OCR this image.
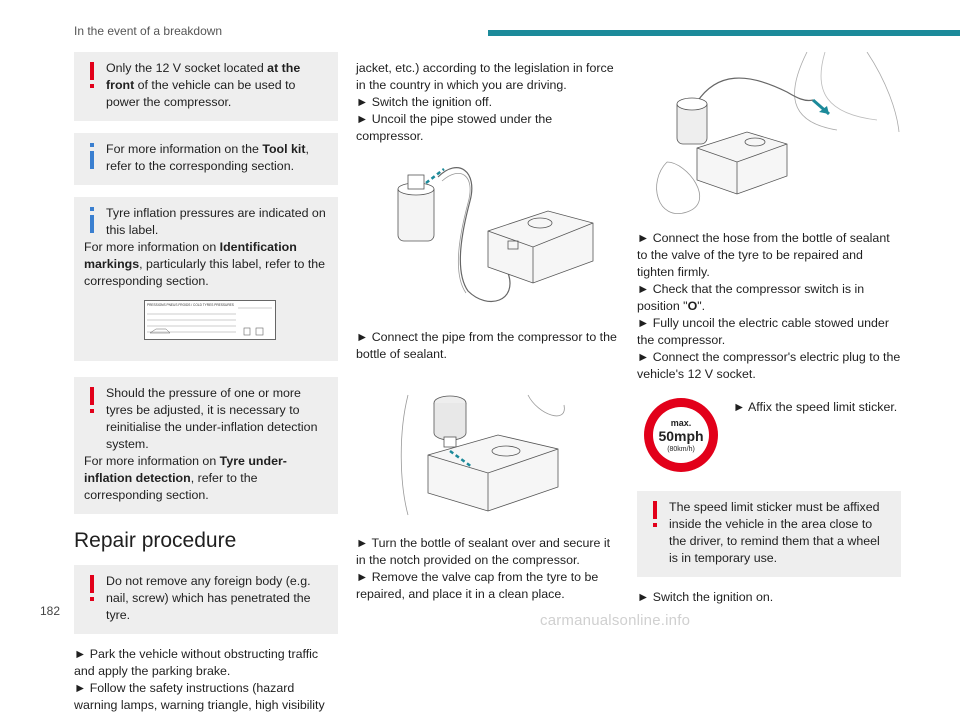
In the event of a breakdown

Only the 12 V socket located at the front of the vehicle can be used to power the compressor.

For more information on the Tool kit, refer to the corresponding section.

Tyre inflation pressures are indicated on this label.

For more information on Identification markings, particularly this label, refer to the corresponding section.

PRESSIONS PNEUS FROIDS / COLD TYRES PRESSURES

Should the pressure of one or more tyres be adjusted, it is necessary to reinitialise the under-inflation detection system.

For more information on Tyre under-inflation detection, refer to the corresponding section.

Repair procedure

Do not remove any foreign body (e.g. nail, screw) which has penetrated the tyre.

► Park the vehicle without obstructing traffic and apply the parking brake.

► Follow the safety instructions (hazard warning lamps, warning triangle, high visibility

jacket, etc.) according to the legislation in force in the country in which you are driving.

► Switch the ignition off.

► Uncoil the pipe stowed under the compressor.

► Connect the pipe from the compressor to the bottle of sealant.

► Turn the bottle of sealant over and secure it in the notch provided on the compressor.

► Remove the valve cap from the tyre to be repaired, and place it in a clean place.

► Connect the hose from the bottle of sealant to the valve of the tyre to be repaired and tighten firmly.

► Check that the compressor switch is in position "O".

► Fully uncoil the electric cable stowed under the compressor.

► Connect the compressor's electric plug to the vehicle's 12 V socket.

max.
50mph
(80km/h)

► Affix the speed limit sticker.

The speed limit sticker must be affixed inside the vehicle in the area close to the driver, to remind them that a wheel is in temporary use.

► Switch the ignition on.

182
carmanualsonline.info
